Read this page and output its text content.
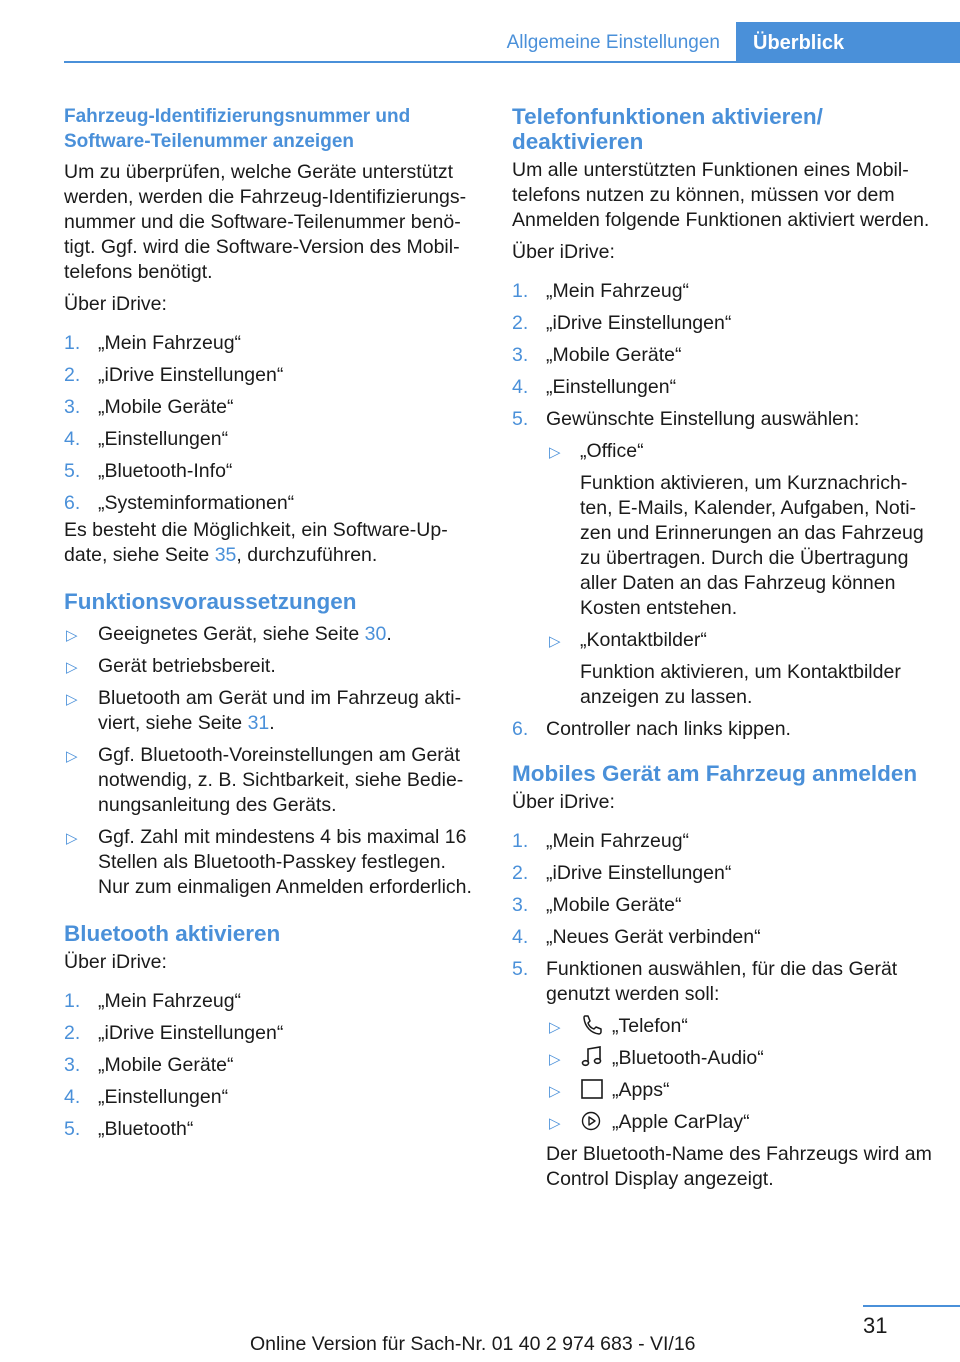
Allgemeine Einstellungen	Überblick
Fahrzeug-Identifizierungsnummer und Software-Teilenummer anzeigen

Um zu überprüfen, welche Geräte unterstützt werden, werden die Fahrzeug-Identifizierungsnummer und die Software-Teilenummer benötigt. Ggf. wird die Software-Version des Mobiltelefons benötigt.

Über iDrive:

1. „Mein Fahrzeug“
2. „iDrive Einstellungen“
3. „Mobile Geräte“
4. „Einstellungen“
5. „Bluetooth-Info“
6. „Systeminformationen“

Es besteht die Möglichkeit, ein Software-Update, siehe Seite 35, durchzuführen.

Funktionsvoraussetzungen
▷ Geeignetes Gerät, siehe Seite 30.
▷ Gerät betriebsbereit.
▷ Bluetooth am Gerät und im Fahrzeug aktiviert, siehe Seite 31.
▷ Ggf. Bluetooth-Voreinstellungen am Gerät notwendig, z. B. Sichtbarkeit, siehe Bedienungsanleitung des Geräts.
▷ Ggf. Zahl mit mindestens 4 bis maximal 16 Stellen als Bluetooth-Passkey festlegen. Nur zum einmaligen Anmelden erforderlich.
Bluetooth aktivieren

Über iDrive:

1. „Mein Fahrzeug“
2. „iDrive Einstellungen“
3. „Mobile Geräte“
4. „Einstellungen“
5. „Bluetooth“
Telefonfunktionen aktivieren/ deaktivieren

Um alle unterstützten Funktionen eines Mobiltelefons nutzen zu können, müssen vor dem Anmelden folgende Funktionen aktiviert werden.

Über iDrive:

1. „Mein Fahrzeug“
2. „iDrive Einstellungen“
3. „Mobile Geräte“
4. „Einstellungen“
5. Gewünschte Einstellung auswählen:
▷ „Office“
Funktion aktivieren, um Kurznachrichten, E-Mails, Kalender, Aufgaben, Notizen und Erinnerungen an das Fahrzeug zu übertragen. Durch die Übertragung aller Daten an das Fahrzeug können Kosten entstehen.
▷ „Kontaktbilder“
Funktion aktivieren, um Kontaktbilder anzeigen zu lassen.
6. Controller nach links kippen.
Mobiles Gerät am Fahrzeug anmelden

Über iDrive:

1. „Mein Fahrzeug“
2. „iDrive Einstellungen“
3. „Mobile Geräte“
4. „Neues Gerät verbinden“
5. Funktionen auswählen, für die das Gerät genutzt werden soll:
▷	„Telefon“
▷	„Bluetooth-Audio“
▷	„Apps“
▷	„Apple CarPlay“
Der Bluetooth-Name des Fahrzeugs wird am Control Display angezeigt.
31
Online Version für Sach-Nr. 01 40 2 974 683 - VI/16
